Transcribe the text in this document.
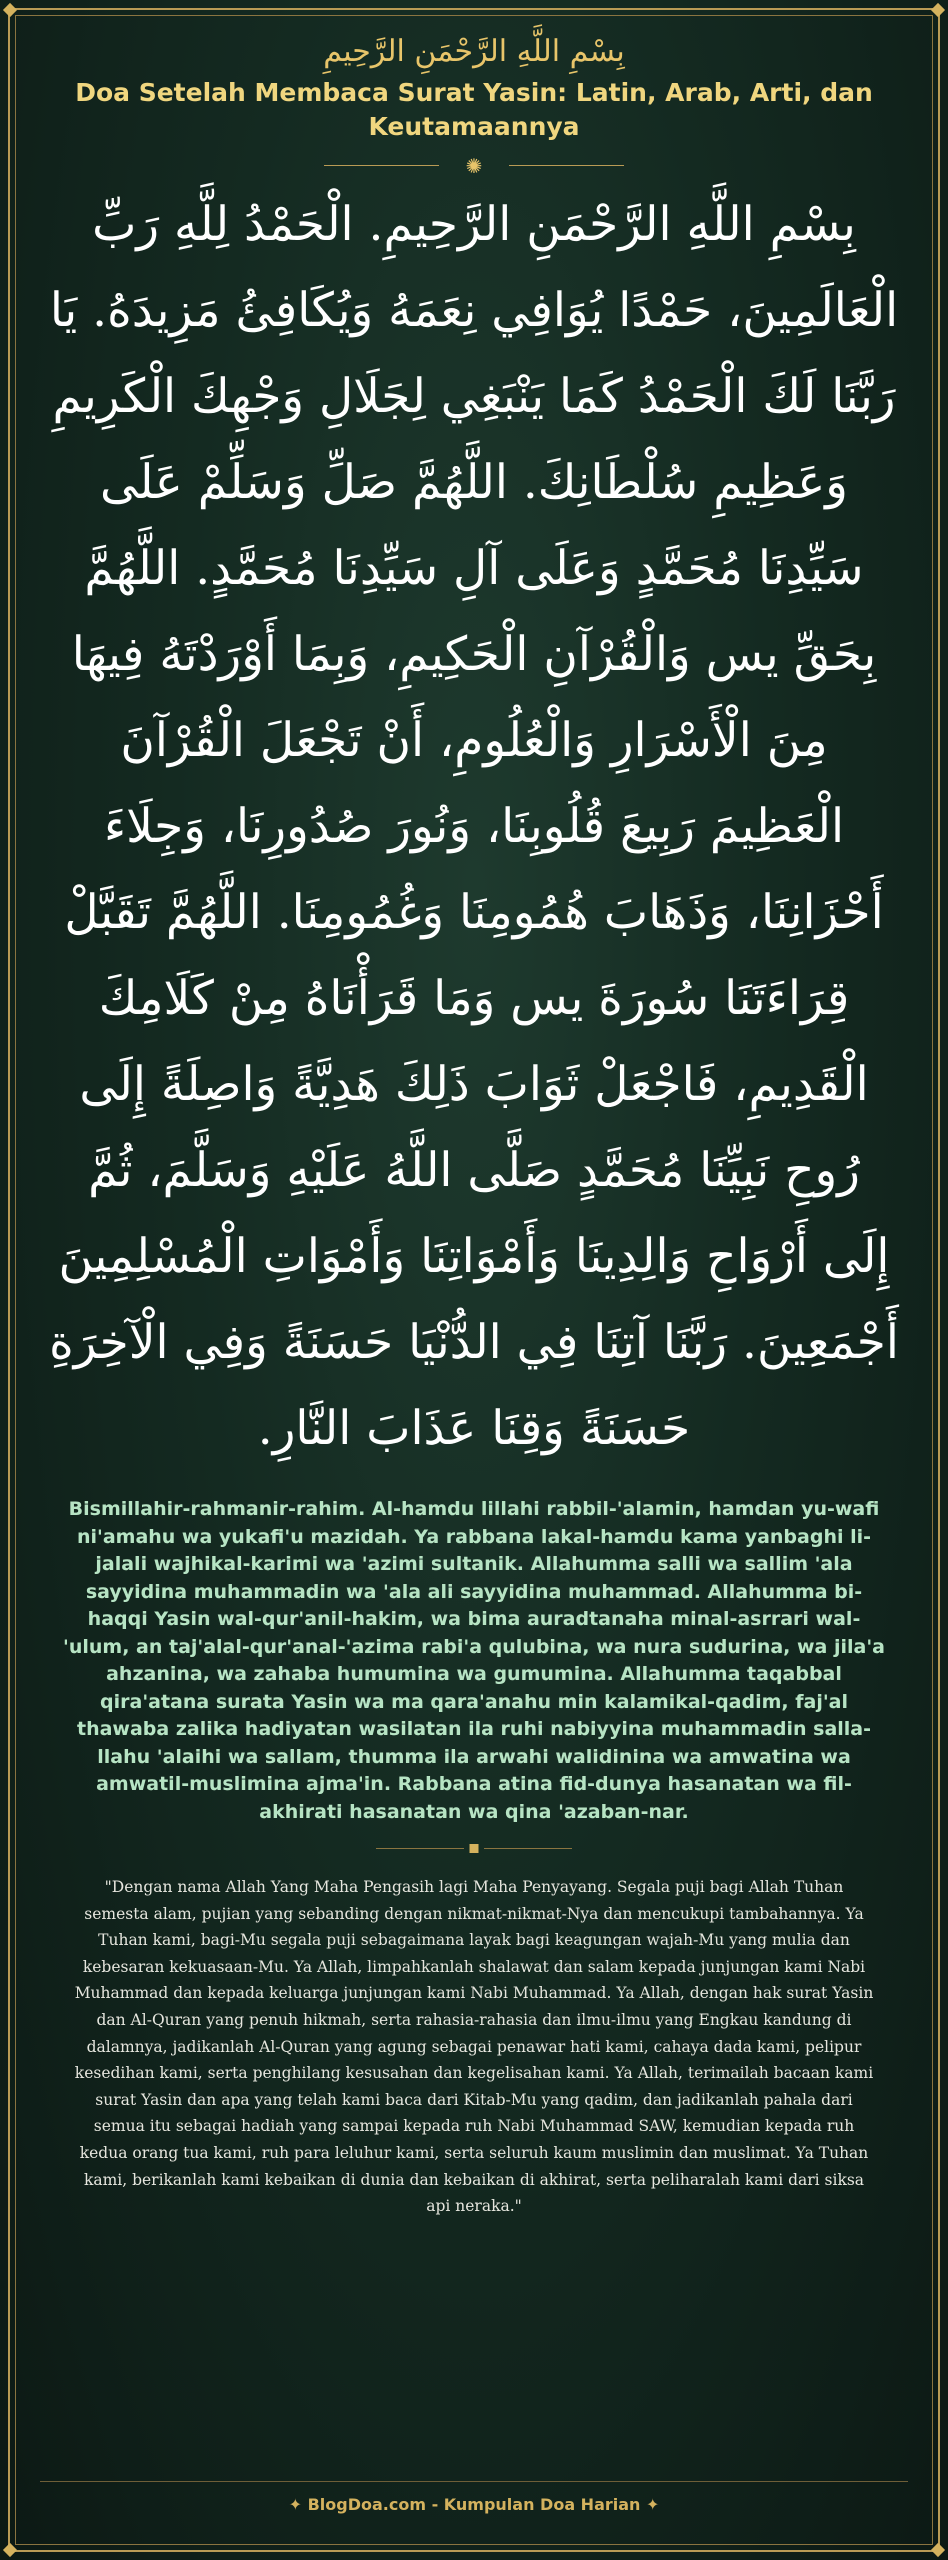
بِسْمِ اللَّهِ الرَّحْمَنِ الرَّحِيمِ

Doa Setelah Membaca Surat Yasin: Latin, Arab, Arti, dan Keutamaannya
✺

بِسْمِ اللَّهِ الرَّحْمَنِ الرَّحِيمِ. الْحَمْدُ لِلَّهِ رَبِّ الْعَالَمِينَ، حَمْدًا يُوَافِي نِعَمَهُ وَيُكَافِئُ مَزِيدَهُ. يَا رَبَّنَا لَكَ الْحَمْدُ كَمَا يَنْبَغِي لِجَلَالِ وَجْهِكَ الْكَرِيمِ وَعَظِيمِ سُلْطَانِكَ. اللَّهُمَّ صَلِّ وَسَلِّمْ عَلَى سَيِّدِنَا مُحَمَّدٍ وَعَلَى آلِ سَيِّدِنَا مُحَمَّدٍ. اللَّهُمَّ بِحَقِّ يس وَالْقُرْآنِ الْحَكِيمِ، وَبِمَا أَوْرَدْتَهُ فِيهَا مِنَ الْأَسْرَارِ وَالْعُلُومِ، أَنْ تَجْعَلَ الْقُرْآنَ الْعَظِيمَ رَبِيعَ قُلُوبِنَا، وَنُورَ صُدُورِنَا، وَجِلَاءَ أَحْزَانِنَا، وَذَهَابَ هُمُومِنَا وَغُمُومِنَا. اللَّهُمَّ تَقَبَّلْ قِرَاءَتَنَا سُورَةَ يس وَمَا قَرَأْنَاهُ مِنْ كَلَامِكَ الْقَدِيمِ، فَاجْعَلْ ثَوَابَ ذَلِكَ هَدِيَّةً وَاصِلَةً إِلَى رُوحِ نَبِيِّنَا مُحَمَّدٍ صَلَّى اللَّهُ عَلَيْهِ وَسَلَّمَ، ثُمَّ إِلَى أَرْوَاحِ وَالِدِينَا وَأَمْوَاتِنَا وَأَمْوَاتِ الْمُسْلِمِينَ أَجْمَعِينَ. رَبَّنَا آتِنَا فِي الدُّنْيَا حَسَنَةً وَفِي الْآخِرَةِ حَسَنَةً وَقِنَا عَذَابَ النَّارِ.

Bismillahir-rahmanir-rahim. Al-hamdu lillahi rabbil-'alamin, hamdan yu-wafi ni'amahu wa yukafi'u mazidah. Ya rabbana lakal-hamdu kama yanbaghi li-jalali wajhikal-karimi wa 'azimi sultanik. Allahumma salli wa sallim 'ala sayyidina muhammadin wa 'ala ali sayyidina muhammad. Allahumma bi-haqqi Yasin wal-qur'anil-hakim, wa bima auradtanaha minal-asrrari wal-'ulum, an taj'alal-qur'anal-'azima rabi'a qulubina, wa nura sudurina, wa jila'a ahzanina, wa zahaba humumina wa gumumina. Allahumma taqabbal qira'atana surata Yasin wa ma qara'anahu min kalamikal-qadim, faj'al thawaba zalika hadiyatan wasilatan ila ruhi nabiyyina muhammadin salla-llahu 'alaihi wa sallam, thumma ila arwahi walidinina wa amwatina wa amwatil-muslimina ajma'in. Rabbana atina fid-dunya hasanatan wa fil-akhirati hasanatan wa qina 'azaban-nar.

"Dengan nama Allah Yang Maha Pengasih lagi Maha Penyayang. Segala puji bagi Allah Tuhan semesta alam, pujian yang sebanding dengan nikmat-nikmat-Nya dan mencukupi tambahannya. Ya Tuhan kami, bagi-Mu segala puji sebagaimana layak bagi keagungan wajah-Mu yang mulia dan kebesaran kekuasaan-Mu. Ya Allah, limpahkanlah shalawat dan salam kepada junjungan kami Nabi Muhammad dan kepada keluarga junjungan kami Nabi Muhammad. Ya Allah, dengan hak surat Yasin dan Al-Quran yang penuh hikmah, serta rahasia-rahasia dan ilmu-ilmu yang Engkau kandung di dalamnya, jadikanlah Al-Quran yang agung sebagai penawar hati kami, cahaya dada kami, pelipur kesedihan kami, serta penghilang kesusahan dan kegelisahan kami. Ya Allah, terimailah bacaan kami surat Yasin dan apa yang telah kami baca dari Kitab-Mu yang qadim, dan jadikanlah pahala dari semua itu sebagai hadiah yang sampai kepada ruh Nabi Muhammad SAW, kemudian kepada ruh kedua orang tua kami, ruh para leluhur kami, serta seluruh kaum muslimin dan muslimat. Ya Tuhan kami, berikanlah kami kebaikan di dunia dan kebaikan di akhirat, serta peliharalah kami dari siksa api neraka."

✦ BlogDoa.com - Kumpulan Doa Harian ✦
